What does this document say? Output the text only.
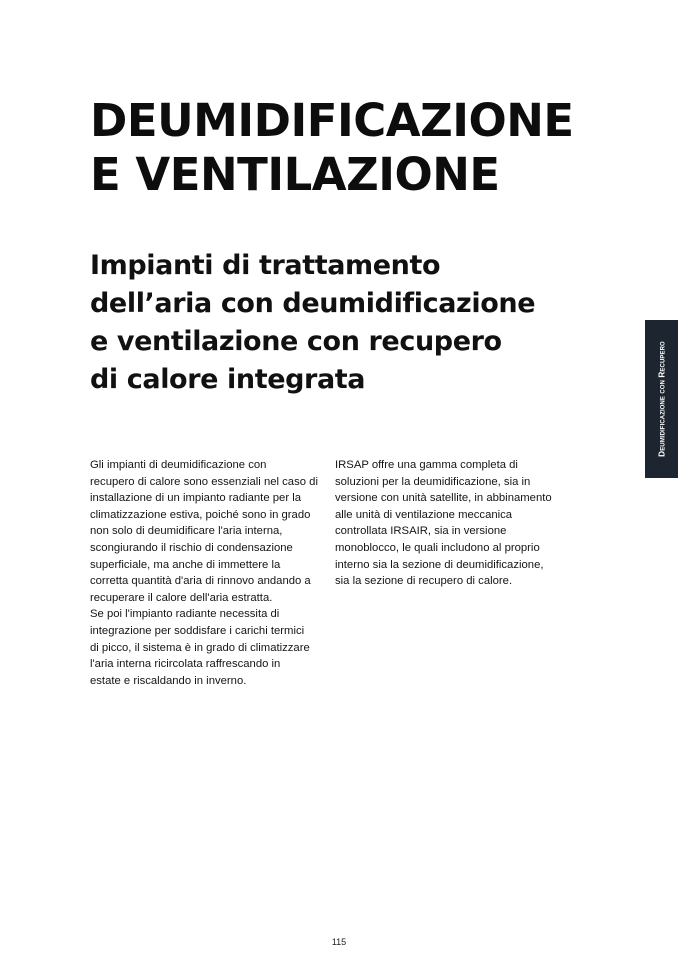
DEUMIDIFICAZIONE
E VENTILAZIONE
Impianti di trattamento
dell’aria con deumidificazione
e ventilazione con recupero
di calore integrata

Gli impianti di deumidificazione con
recupero di calore sono essenziali nel caso di
installazione di un impianto radiante per la
climatizzazione estiva, poiché sono in grado
non solo di deumidificare l'aria interna,
scongiurando il rischio di condensazione
superficiale, ma anche di immettere la
corretta quantità d'aria di rinnovo andando a
recuperare il calore dell'aria estratta.
Se poi l'impianto radiante necessita di
integrazione per soddisfare i carichi termici
di picco, il sistema è in grado di climatizzare
l'aria interna ricircolata raffrescando in
estate e riscaldando in inverno.

IRSAP offre una gamma completa di
soluzioni per la deumidificazione, sia in
versione con unità satellite, in abbinamento
alle unità di ventilazione meccanica
controllata IRSAIR, sia in versione
monoblocco, le quali includono al proprio
interno sia la sezione di deumidificazione,
sia la sezione di recupero di calore.

Deumidificazione con Recupero
115
